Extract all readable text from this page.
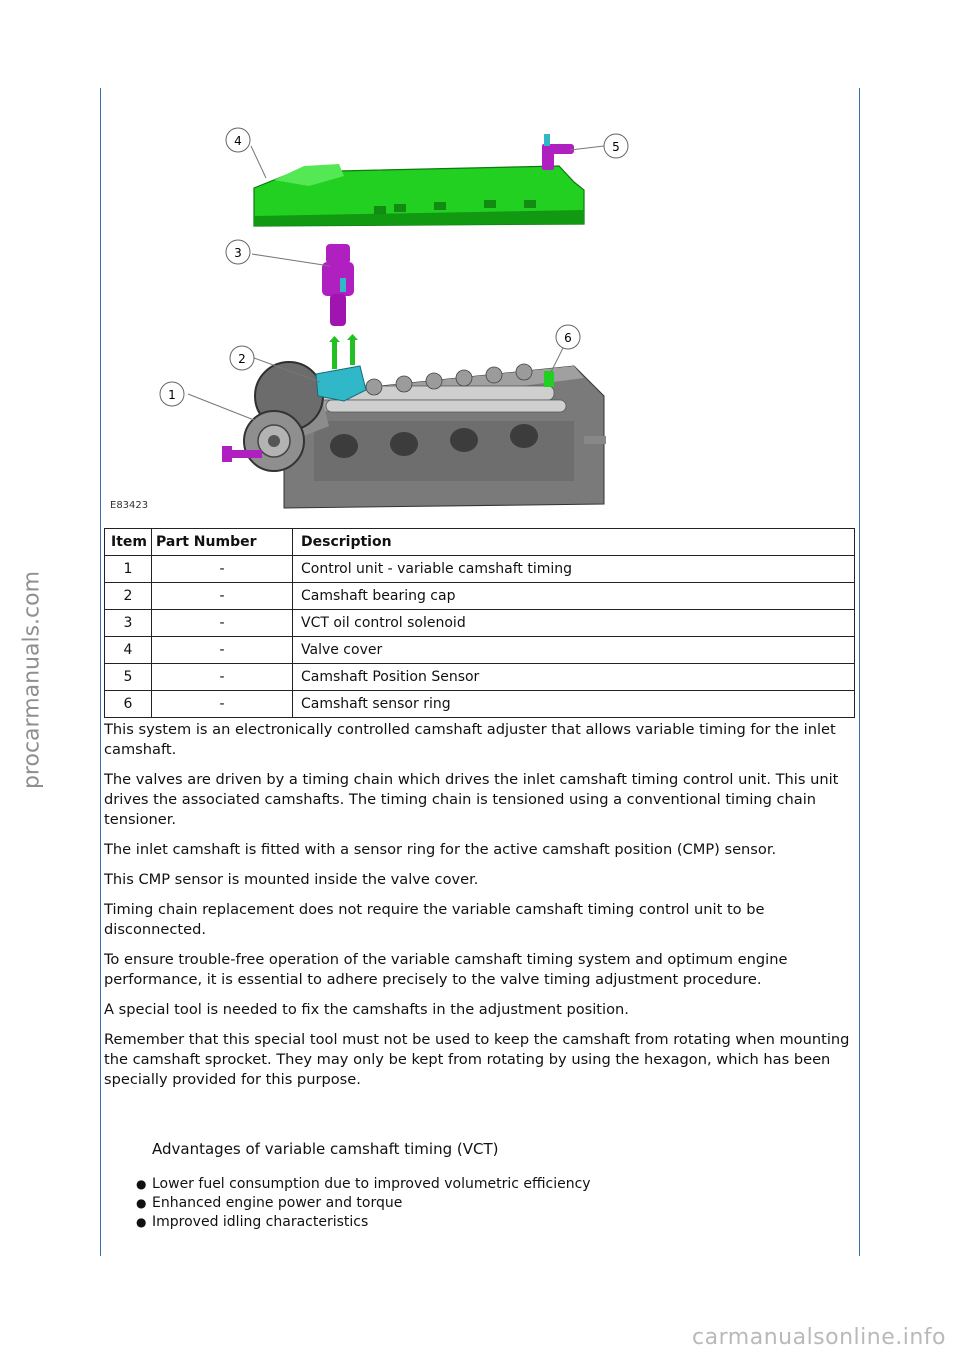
procarmanuals.com
4	5
3
2
6
1
E83423
Item	Part Number	Description
1	-	Control unit - variable camshaft timing
2	-	Camshaft bearing cap
3	-	VCT oil control solenoid
4	-	Valve cover
5	-	Camshaft Position Sensor
6	-	Camshaft sensor ring

This system is an electronically controlled camshaft adjuster that allows variable timing for the inlet camshaft.

The valves are driven by a timing chain which drives the inlet camshaft timing control unit. This unit drives the associated camshafts. The timing chain is tensioned using a conventional timing chain tensioner.

The inlet camshaft is fitted with a sensor ring for the active camshaft position (CMP) sensor.

This CMP sensor is mounted inside the valve cover.

Timing chain replacement does not require the variable camshaft timing control unit to be disconnected.

To ensure trouble-free operation of the variable camshaft timing system and optimum engine performance, it is essential to adhere precisely to the valve timing adjustment procedure.

A special tool is needed to fix the camshafts in the adjustment position.

Remember that this special tool must not be used to keep the camshaft from rotating when mounting the camshaft sprocket. They may only be kept from rotating by using the hexagon, which has been specially provided for this purpose.

Advantages of variable camshaft timing (VCT)
● Lower fuel consumption due to improved volumetric efficiency
● Enhanced engine power and torque
● Improved idling characteristics
carmanualsonline.info
